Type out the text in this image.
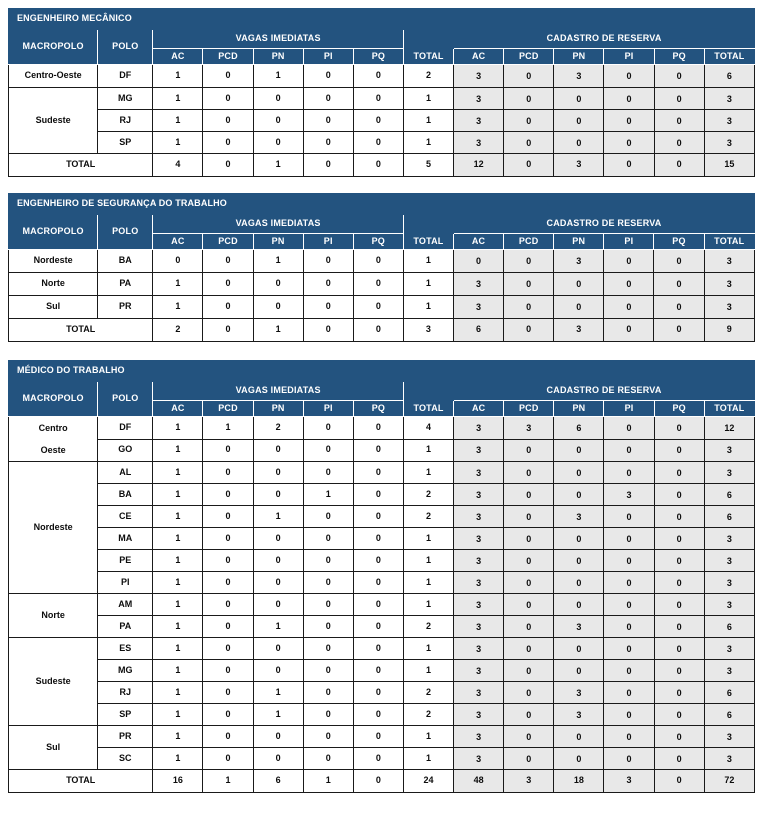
ENGENHEIRO MECÂNICO													
MACROPOLO	POLO	VAGAS IMEDIATAS						CADASTRO DE RESERVA					
		AC	PCD	PN	PI	PQ	TOTAL	AC	PCD	PN	PI	PQ	TOTAL

Centro-Oeste	DF	1	0	1	0	0	2	3	0	3	0	0	6

Sudeste	MG	1	0	0	0	0	1	3	0	0	0	0	3
	RJ	1	0	0	0	0	1	3	0	0	0	0	3
	SP	1	0	0	0	0	1	3	0	0	0	0	3
TOTAL		4	0	1	0	0	5	12	0	3	0	0	15
ENGENHEIRO DE SEGURANÇA DO TRABALHO													
MACROPOLO	POLO	VAGAS IMEDIATAS						CADASTRO DE RESERVA					
		AC	PCD	PN	PI	PQ	TOTAL	AC	PCD	PN	PI	PQ	TOTAL

Nordeste	BA	0	0	1	0	0	1	0	0	3	0	0	3

Norte	PA	1	0	0	0	0	1	3	0	0	0	0	3

Sul	PR	1	0	0	0	0	1	3	0	0	0	0	3
TOTAL		2	0	1	0	0	3	6	0	3	0	0	9
MÉDICO DO TRABALHO													
MACROPOLO	POLO	VAGAS IMEDIATAS						CADASTRO DE RESERVA					
		AC	PCD	PN	PI	PQ	TOTAL	AC	PCD	PN	PI	PQ	TOTAL

Centro
Oeste	DF	1	1	2	0	0	4	3	3	6	0	0	12
	GO	1	0	0	0	0	1	3	0	0	0	0	3

Nordeste	AL	1	0	0	0	0	1	3	0	0	0	0	3
	BA	1	0	0	1	0	2	3	0	0	3	0	6
	CE	1	0	1	0	0	2	3	0	3	0	0	6
	MA	1	0	0	0	0	1	3	0	0	0	0	3
	PE	1	0	0	0	0	1	3	0	0	0	0	3
	PI	1	0	0	0	0	1	3	0	0	0	0	3

Norte	AM	1	0	0	0	0	1	3	0	0	0	0	3
	PA	1	0	1	0	0	2	3	0	3	0	0	6

Sudeste	ES	1	0	0	0	0	1	3	0	0	0	0	3
	MG	1	0	0	0	0	1	3	0	0	0	0	3
	RJ	1	0	1	0	0	2	3	0	3	0	0	6
	SP	1	0	1	0	0	2	3	0	3	0	0	6

Sul	PR	1	0	0	0	0	1	3	0	0	0	0	3
	SC	1	0	0	0	0	1	3	0	0	0	0	3
TOTAL		16	1	6	1	0	24	48	3	18	3	0	72
